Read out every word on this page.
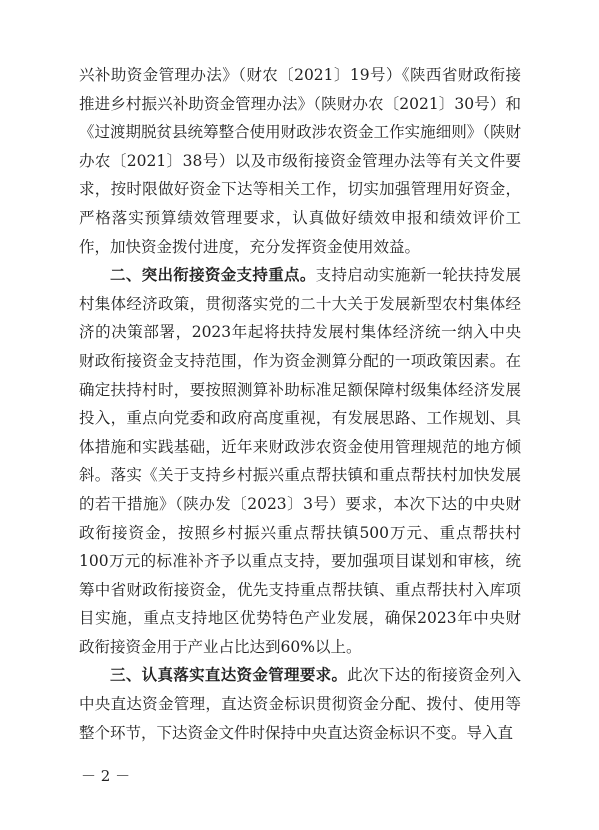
兴补助资金管理办法》（财农〔2021〕19号）《陕西省财政衔接推进乡村振兴补助资金管理办法》（陕财办农〔2021〕30号）和《过渡期脱贫县统筹整合使用财政涉农资金工作实施细则》（陕财办农〔2021〕38号）以及市级衔接资金管理办法等有关文件要求，按时限做好资金下达等相关工作，切实加强管理用好资金，严格落实预算绩效管理要求，认真做好绩效申报和绩效评价工作，加快资金拨付进度，充分发挥资金使用效益。

二、突出衔接资金支持重点。支持启动实施新一轮扶持发展村集体经济政策，贯彻落实党的二十大关于发展新型农村集体经济的决策部署，2023年起将扶持发展村集体经济统一纳入中央财政衔接资金支持范围，作为资金测算分配的一项政策因素。在确定扶持村时，要按照测算补助标准足额保障村级集体经济发展投入，重点向党委和政府高度重视，有发展思路、工作规划、具体措施和实践基础，近年来财政涉农资金使用管理规范的地方倾斜。落实《关于支持乡村振兴重点帮扶镇和重点帮扶村加快发展的若干措施》（陕办发〔2023〕3号）要求，本次下达的中央财政衔接资金，按照乡村振兴重点帮扶镇500万元、重点帮扶村100万元的标准补齐予以重点支持，要加强项目谋划和审核，统筹中省财政衔接资金，优先支持重点帮扶镇、重点帮扶村入库项目实施，重点支持地区优势特色产业发展，确保2023年中央财政衔接资金用于产业占比达到60%以上。

三、认真落实直达资金管理要求。此次下达的衔接资金列入中央直达资金管理，直达资金标识贯彻资金分配、拨付、使用等整个环节，下达资金文件时保持中央直达资金标识不变。导入直

－ 2 －
